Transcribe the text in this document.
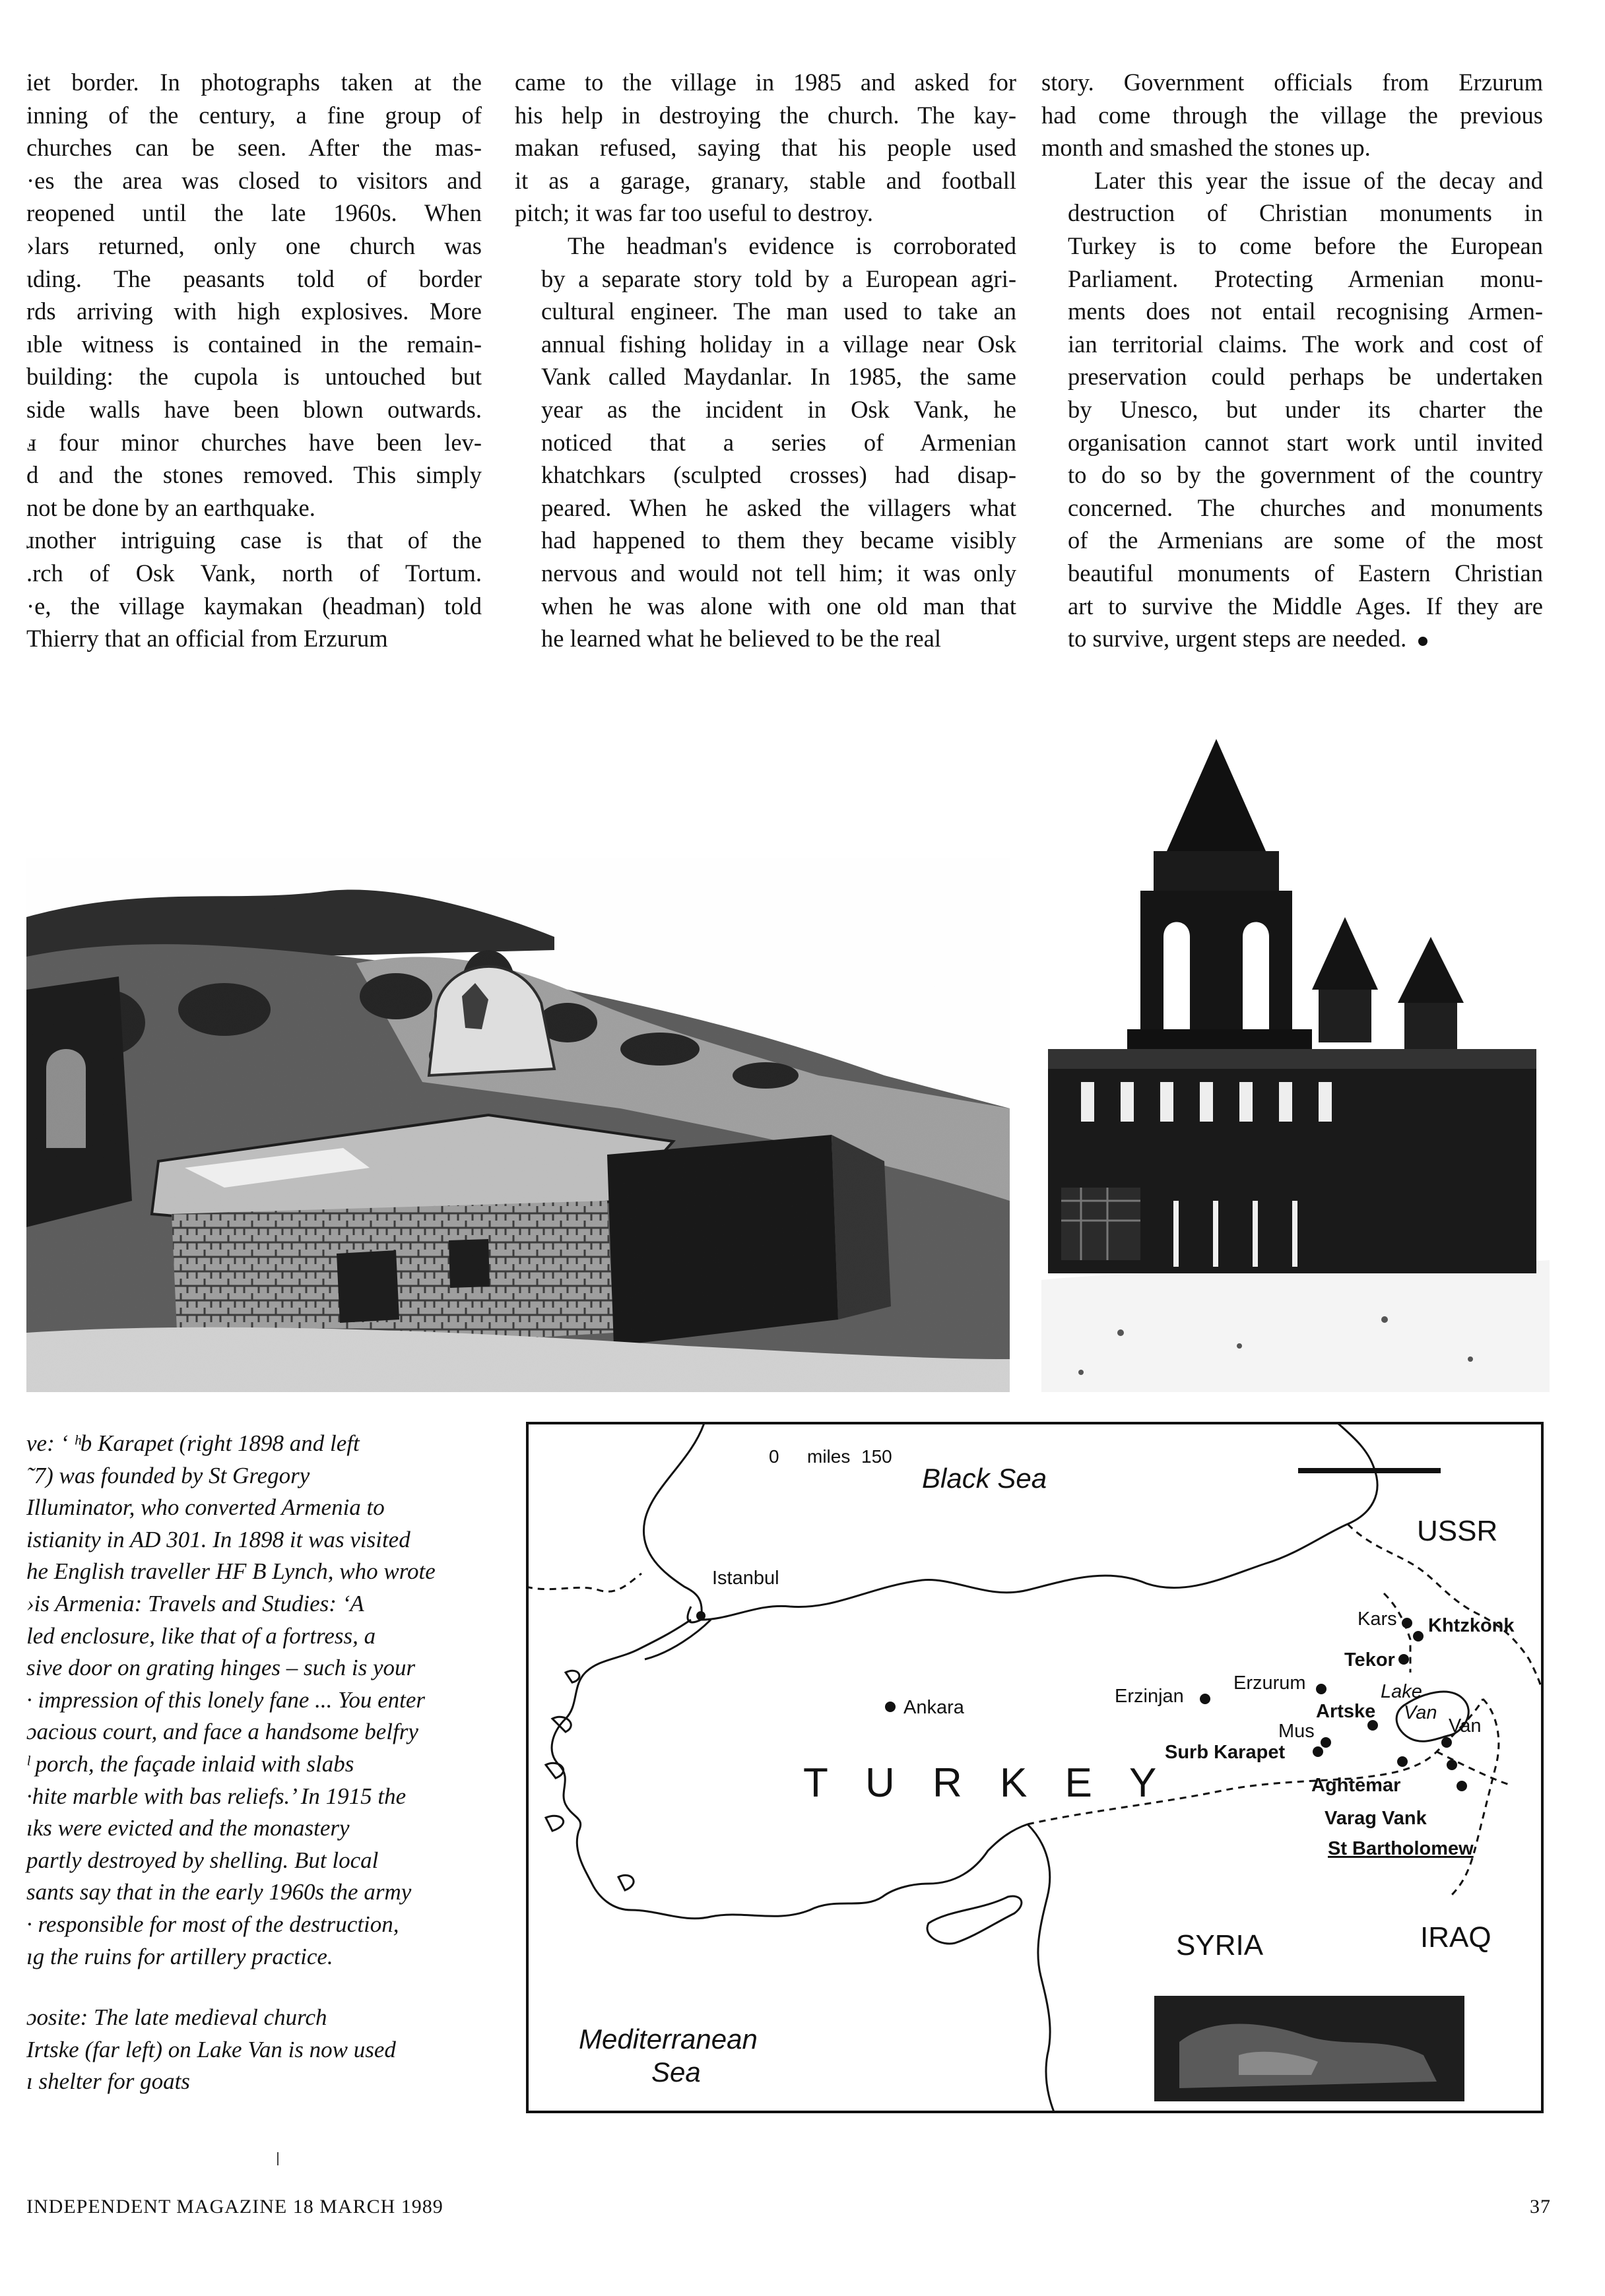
iet border. In photographs taken at the
inning of the century, a fine group of
churches can be seen. After the mas-
·es the area was closed to visitors and
reopened until the late 1960s. When
›lars returned, only one church was
ιding. The peasants told of border
rds arriving with high explosives. More
ıble witness is contained in the remain-
building: the cupola is untouched but
side walls have been blown outwards.
ⅎ four minor churches have been lev-
d and the stones removed. This simply
not be done by an earthquake.

ɹnother intriguing case is that of the
.rch of Osk Vank, north of Tortum.
·e, the village kaymakan (headman) told
Thierry that an official from Erzurum

came to the village in 1985 and asked for
his help in destroying the church. The kay-
makan refused, saying that his people used
it as a garage, granary, stable and football
pitch; it was far too useful to destroy.

The headman's evidence is corroborated
by a separate story told by a European agri-
cultural engineer. The man used to take an
annual fishing holiday in a village near Osk
Vank called Maydanlar. In 1985, the same
year as the incident in Osk Vank, he
noticed that a series of Armenian
khatchkars (sculpted crosses) had disap-
peared. When he asked the villagers what
had happened to them they became visibly
nervous and would not tell him; it was only
when he was alone with one old man that
he learned what he believed to be the real

story. Government officials from Erzurum
had come through the village the previous
month and smashed the stones up.

Later this year the issue of the decay and
destruction of Christian monuments in
Turkey is to come before the European
Parliament. Protecting Armenian monu-
ments does not entail recognising Armen-
ian territorial claims. The work and cost of
preservation could perhaps be undertaken
by Unesco, but under its charter the
organisation cannot start work until invited
to do so by the government of the country
concerned. The churches and monuments
of the Armenians are some of the most
beautiful monuments of Eastern Christian
art to survive the Middle Ages. If they are
to survive, urgent steps are needed.

ve: ʻ ʰb Karapet (right 1898 and left
˜7) was founded by St Gregory
Illuminator, who converted Armenia to
istianity in AD 301. In 1898 it was visited
he English traveller HF B Lynch, who wrote
›is Armenia: Travels and Studies: ‘A
led enclosure, like that of a fortress, a
sive door on grating hinges – such is your
· impression of this lonely fane ... You enter
ɔacious court, and face a handsome belfry
ˡ porch, the façade inlaid with slabs
·hite marble with bas reliefs.’ In 1915 the
ıks were evicted and the monastery
partly destroyed by shelling. But local
sants say that in the early 1960s the army
· responsible for most of the destruction,
ıg the ruins for artillery practice.

ɔosite: The late medieval church
Irtske (far left) on Lake Van is now used
ı shelter for goats

0 miles 150
Black Sea
Mediterranean
Sea
T U R K E Y
USSR
SYRIA	IRAQ
Istanbul
Ankara
Erzinjan
Erzurum
Kars Khtzkonk
Tekor
Lake
Van
Artske
Mus
Surb Karapet
Van
Aghtemar
Varag Vank
St Bartholomew
INDEPENDENT MAGAZINE 18 MARCH 1989	37
